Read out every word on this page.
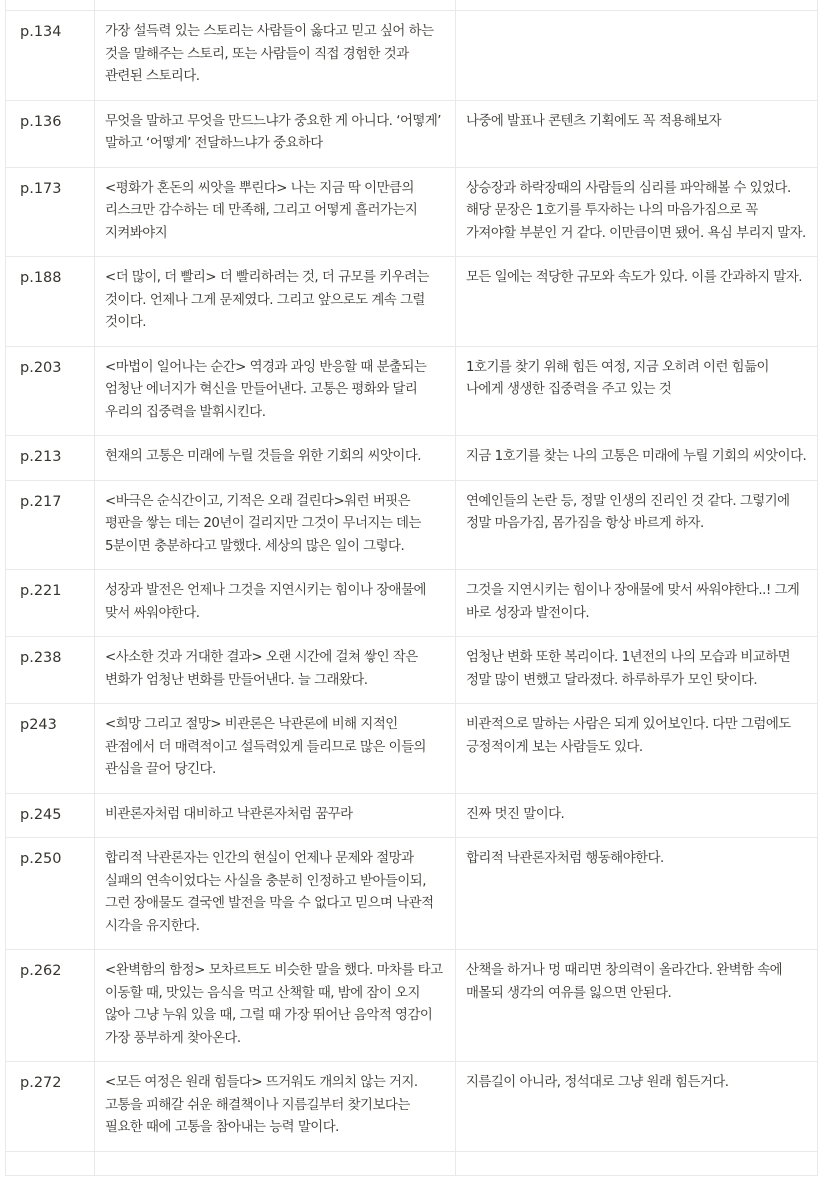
p.134	가장 설득력 있는 스토리는 사람들이 옳다고 믿고 싶어 하는 것을 말해주는 스토리, 또는 사람들이 직접 경험한 것과 관련된 스토리다.	
p.136	무엇을 말하고 무엇을 만드느냐가 중요한 게 아니다. ‘어떻게’ 말하고 ‘어떻게’ 전달하느냐가 중요하다	나중에 발표나 콘텐츠 기획에도 꼭 적용해보자
p.173	<평화가 혼돈의 씨앗을 뿌린다> 나는 지금 딱 이만큼의 리스크만 감수하는 데 만족해, 그리고 어떻게 흘러가는지 지켜봐야지	상승장과 하락장때의 사람들의 심리를 파악해볼 수 있었다. 해당 문장은 1호기를 투자하는 나의 마음가짐으로 꼭 가져야할 부분인 거 같다. 이만큼이면 됐어. 욕심 부리지 말자.
p.188	<더 많이, 더 빨리> 더 빨리하려는 것, 더 규모를 키우려는 것이다. 언제나 그게 문제였다. 그리고 앞으로도 계속 그럴 것이다.	모든 일에는 적당한 규모와 속도가 있다. 이를 간과하지 말자.
p.203	<마법이 일어나는 순간> 역경과 과잉 반응할 때 분출되는 엄청난 에너지가 혁신을 만들어낸다. 고통은 평화와 달리 우리의 집중력을 발휘시킨다.	1호기를 찾기 위해 힘든 여정, 지금 오히려 이런 힘듦이 나에게 생생한 집중력을 주고 있는 것
p.213	현재의 고통은 미래에 누릴 것들을 위한 기회의 씨앗이다.	지금 1호기를 찾는 나의 고통은 미래에 누릴 기회의 씨앗이다.
p.217	<바극은 순식간이고, 기적은 오래 걸린다>워런 버핏은 평판을 쌓는 데는 20년이 걸리지만 그것이 무너지는 데는 5분이면 충분하다고 말했다. 세상의 많은 일이 그렇다.	연예인들의 논란 등, 정말 인생의 진리인 것 같다. 그렇기에 정말 마음가짐, 몸가짐을 항상 바르게 하자.
p.221	성장과 발전은 언제나 그것을 지연시키는 힘이나 장애물에 맞서 싸워야한다.	그것을 지연시키는 힘이나 장애물에 맞서 싸워야한다..! 그게 바로 성장과 발전이다.
p.238	<사소한 것과 거대한 결과> 오랜 시간에 걸쳐 쌓인 작은 변화가 엄청난 변화를 만들어낸다. 늘 그래왔다.	엄청난 변화 또한 복리이다. 1년전의 나의 모습과 비교하면 정말 많이 변했고 달라졌다. 하루하루가 모인 탓이다.
p243	<희망 그리고 절망> 비관론은 낙관론에 비해 지적인 관점에서 더 매력적이고 설득력있게 들리므로 많은 이들의 관심을 끌어 당긴다.	비관적으로 말하는 사람은 되게 있어보인다. 다만 그럼에도 긍정적이게 보는 사람들도 있다.
p.245	비관론자처럼 대비하고 낙관론자처럼 꿈꾸라	진짜 멋진 말이다.
p.250	합리적 낙관론자는 인간의 현실이 언제나 문제와 절망과 실패의 연속이었다는 사실을 충분히 인정하고 받아들이되, 그런 장애물도 결국엔 발전을 막을 수 없다고 믿으며 낙관적 시각을 유지한다.	합리적 낙관론자처럼 행동해야한다.
p.262	<완벽함의 함정> 모차르트도 비슷한 말을 했다. 마차를 타고 이동할 때, 맛있는 음식을 먹고 산책할 때, 밤에 잠이 오지 않아 그냥 누워 있을 때, 그럴 때 가장 뛰어난 음악적 영감이 가장 풍부하게 찾아온다.	산책을 하거나 멍 때리면 창의력이 올라간다. 완벽함 속에 매몰되 생각의 여유를 잃으면 안된다.
p.272	<모든 여정은 원래 힘들다> 뜨거워도 개의치 않는 거지. 고통을 피해갈 쉬운 해결책이나 지름길부터 찾기보다는 필요한 때에 고통을 참아내는 능력 말이다.	지름길이 아니라, 정석대로 그냥 원래 힘든거다.
